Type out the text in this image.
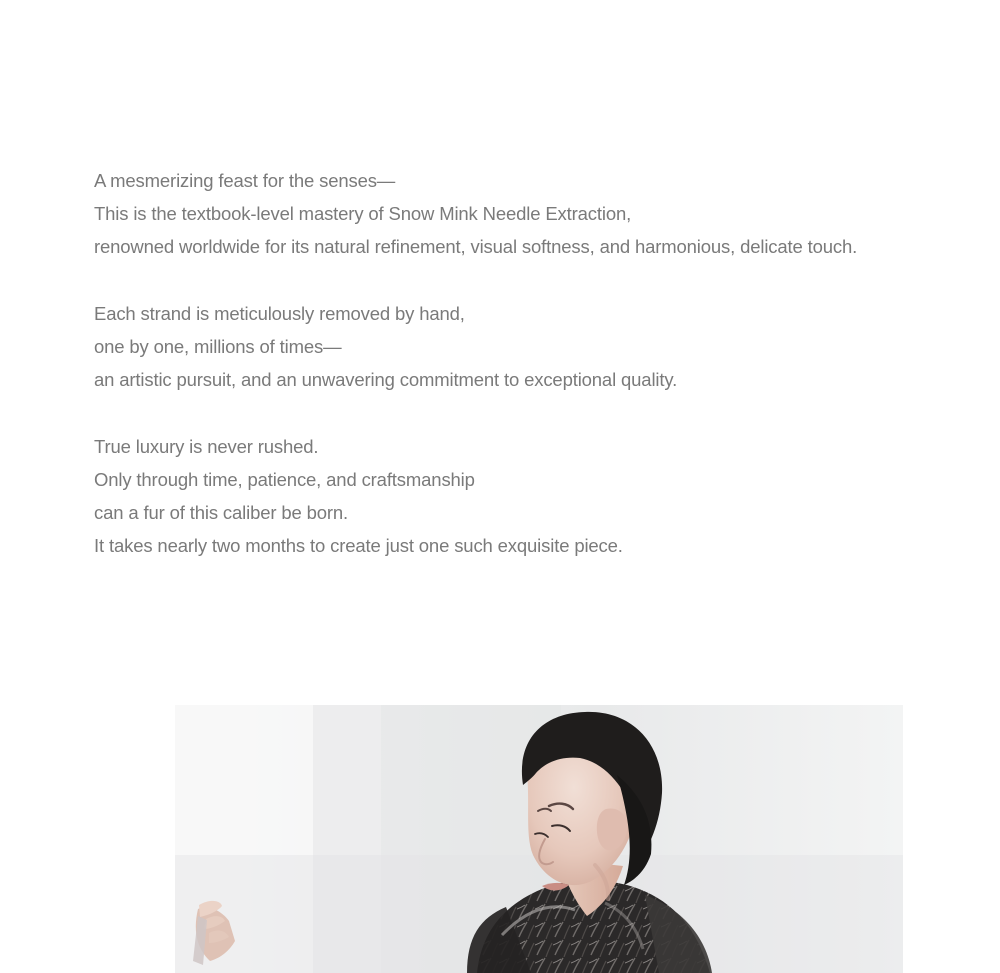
A mesmerizing feast for the senses—
This is the textbook-level mastery of Snow Mink Needle Extraction,
renowned worldwide for its natural refinement, visual softness, and harmonious, delicate touch.
Each strand is meticulously removed by hand,
one by one, millions of times—
an artistic pursuit, and an unwavering commitment to exceptional quality.
True luxury is never rushed.
Only through time, patience, and craftsmanship
can a fur of this caliber be born.
It takes nearly two months to create just one such exquisite piece.
